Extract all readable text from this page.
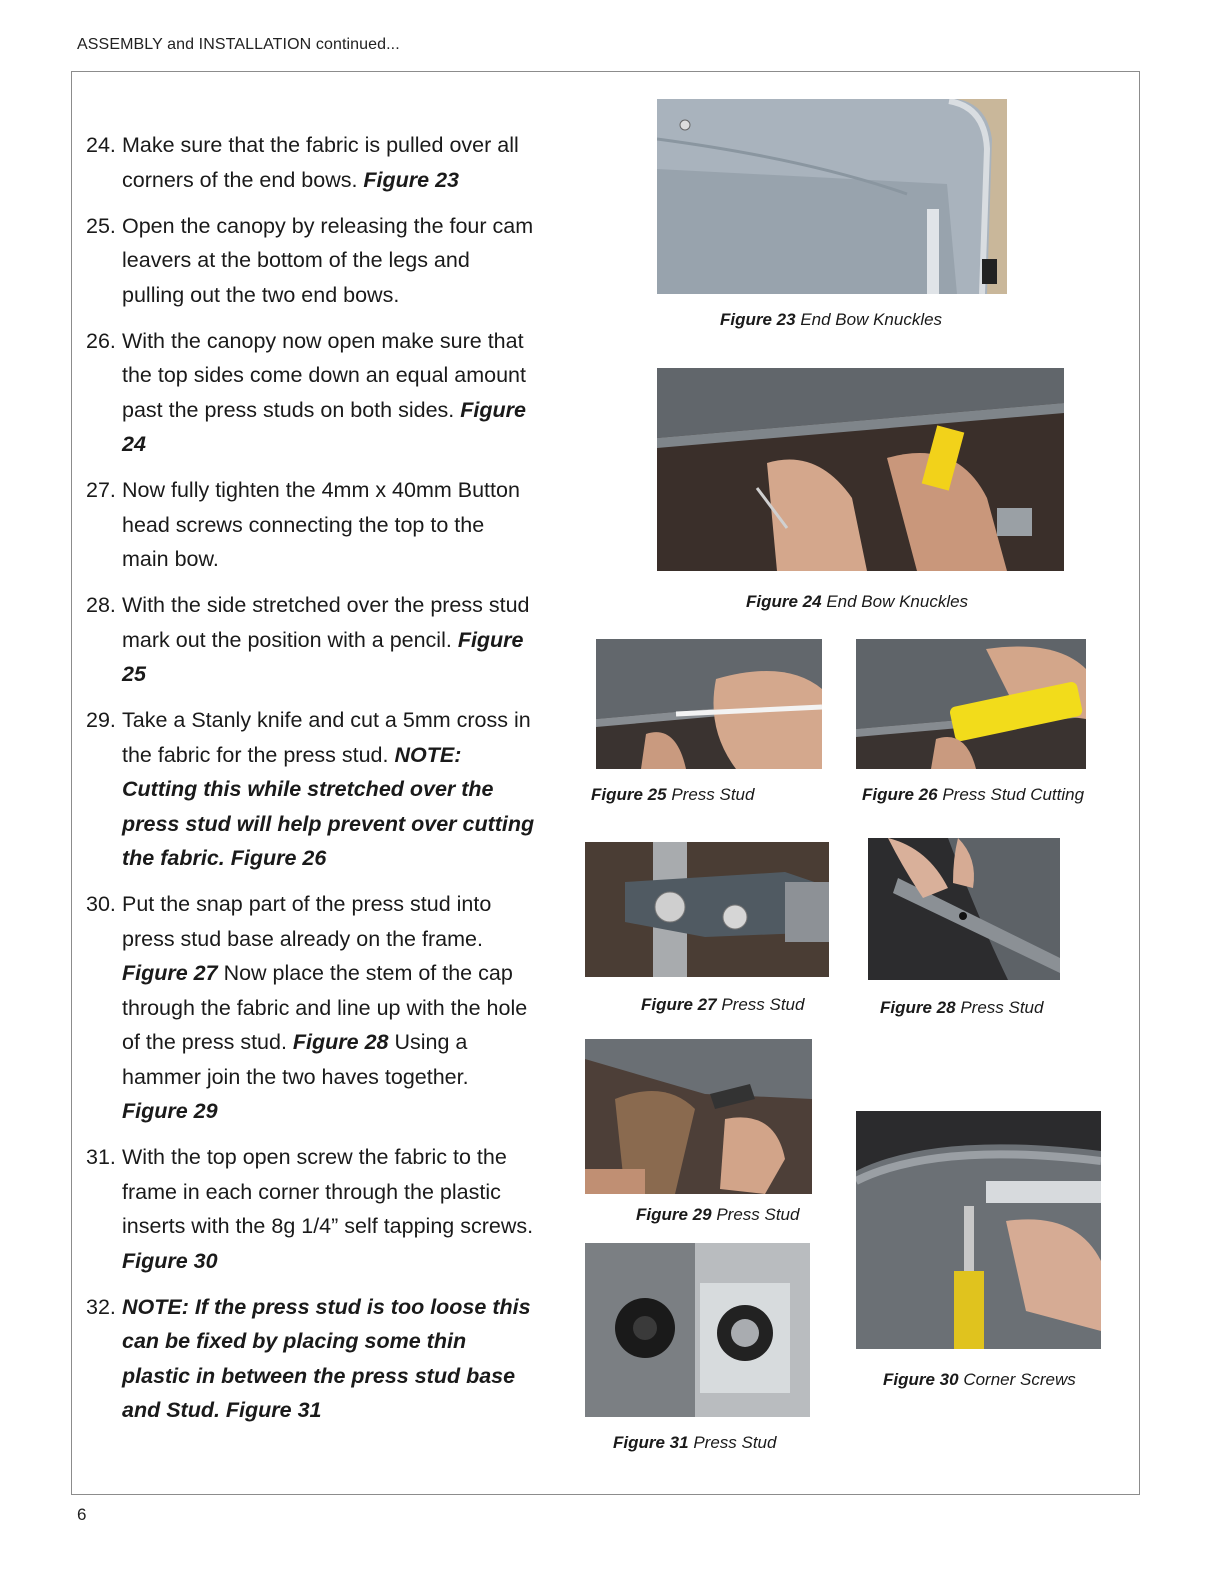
ASSEMBLY and INSTALLATION continued...
24. Make sure that the fabric is pulled over all corners of the end bows. Figure 23
25. Open the canopy by releasing the four cam leavers at the bottom of the legs and pulling out the two end bows.
26. With the canopy now open make sure that the top sides come down an equal amount past the press studs on both sides. Figure 24
27. Now fully tighten the 4mm x 40mm Button head screws connecting the top to the main bow.
28. With the side stretched over the press stud mark out the position with a pencil. Figure 25
29. Take a Stanly knife and cut a 5mm cross in the fabric for the press stud. NOTE: Cutting this while stretched over the press stud will help prevent over cutting the fabric. Figure 26
30. Put the snap part of the press stud into press stud base already on the frame. Figure 27 Now place the stem of the cap through the fabric and line up with the hole of the press stud. Figure 28 Using a hammer join the two haves together. Figure 29
31. With the top open screw the fabric to the frame in each corner through the plastic inserts with the 8g 1/4” self tapping screws. Figure 30
32. NOTE: If the press stud is too loose this can be fixed by placing some thin plastic in between the press stud base and Stud. Figure 31
Figure 23 End Bow Knuckles
Figure 24 End Bow Knuckles
Figure 25 Press Stud	Figure 26 Press Stud Cutting
Figure 27 Press Stud	Figure 28 Press Stud
Figure 29 Press Stud
Figure 30 Corner Screws
Figure 31 Press Stud
6
